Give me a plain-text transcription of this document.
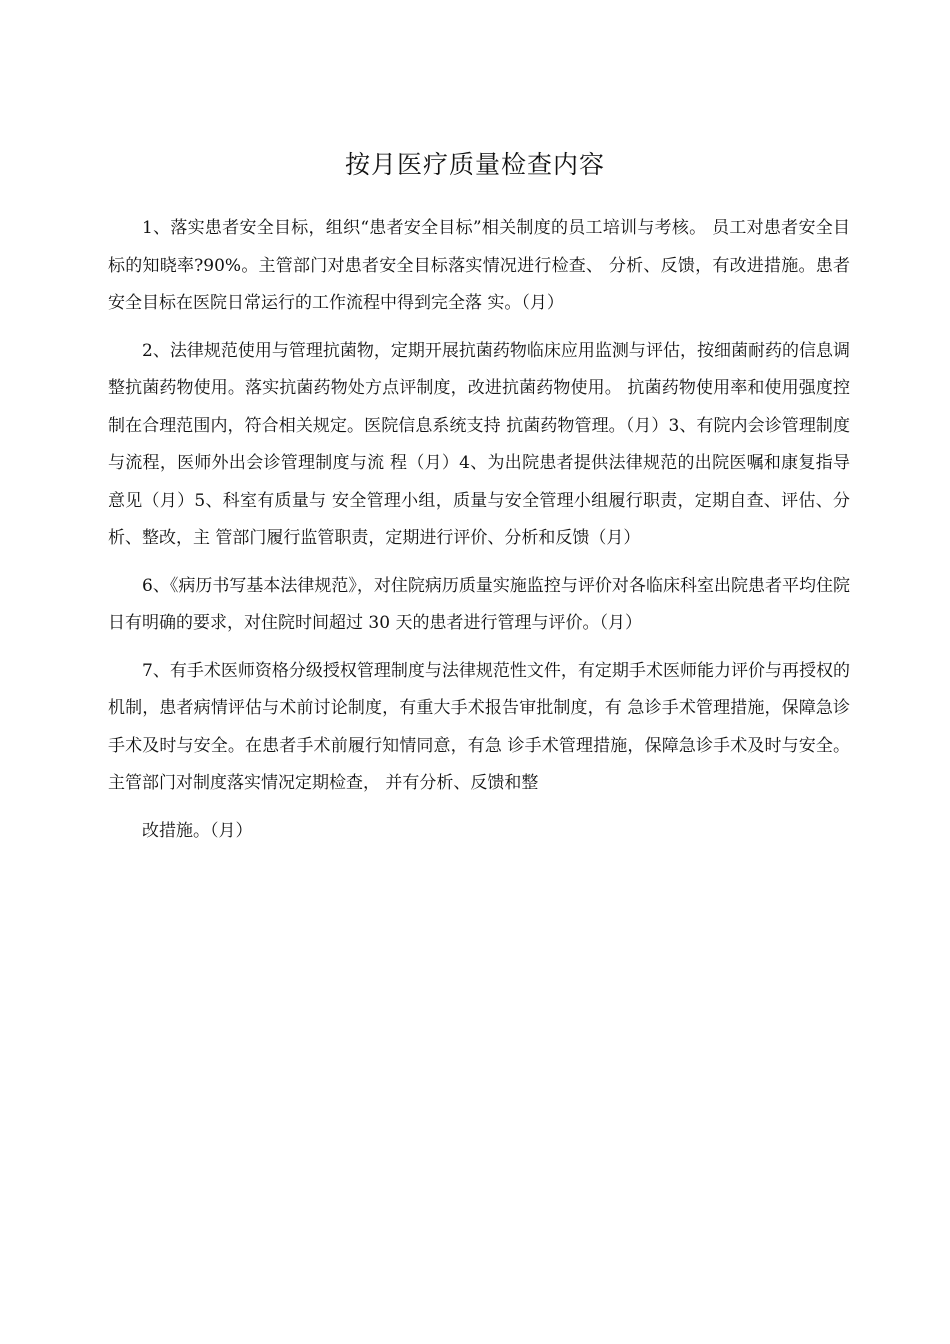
按月医疗质量检查内容

1、落实患者安全目标，组织“患者安全目标”相关制度的员工培训与考核。 员工对患者安全目标的知晓率?90%。主管部门对患者安全目标落实情况进行检查、 分析、反馈，有改进措施。患者安全目标在医院日常运行的工作流程中得到完全落 实。（月）

2、法律规范使用与管理抗菌物，定期开展抗菌药物临床应用监测与评估，按细菌耐药的信息调整抗菌药物使用。落实抗菌药物处方点评制度，改进抗菌药物使用。 抗菌药物使用率和使用强度控制在合理范围内，符合相关规定。医院信息系统支持 抗菌药物管理。（月）3、有院内会诊管理制度与流程，医师外出会诊管理制度与流 程（月）4、为出院患者提供法律规范的出院医嘱和康复指导意见（月）5、科室有质量与 安全管理小组，质量与安全管理小组履行职责，定期自查、评估、分析、整改，主 管部门履行监管职责，定期进行评价、分析和反馈（月）

6、《病历书写基本法律规范》，对住院病历质量实施监控与评价对各临床科室出院患者平均住院日有明确的要求，对住院时间超过 30 天的患者进行管理与评价。（月）

7、有手术医师资格分级授权管理制度与法律规范性文件，有定期手术医师能力评价与再授权的机制，患者病情评估与术前讨论制度，有重大手术报告审批制度，有 急诊手术管理措施，保障急诊手术及时与安全。在患者手术前履行知情同意，有急 诊手术管理措施，保障急诊手术及时与安全。主管部门对制度落实情况定期检查， 并有分析、反馈和整

改措施。（月）
